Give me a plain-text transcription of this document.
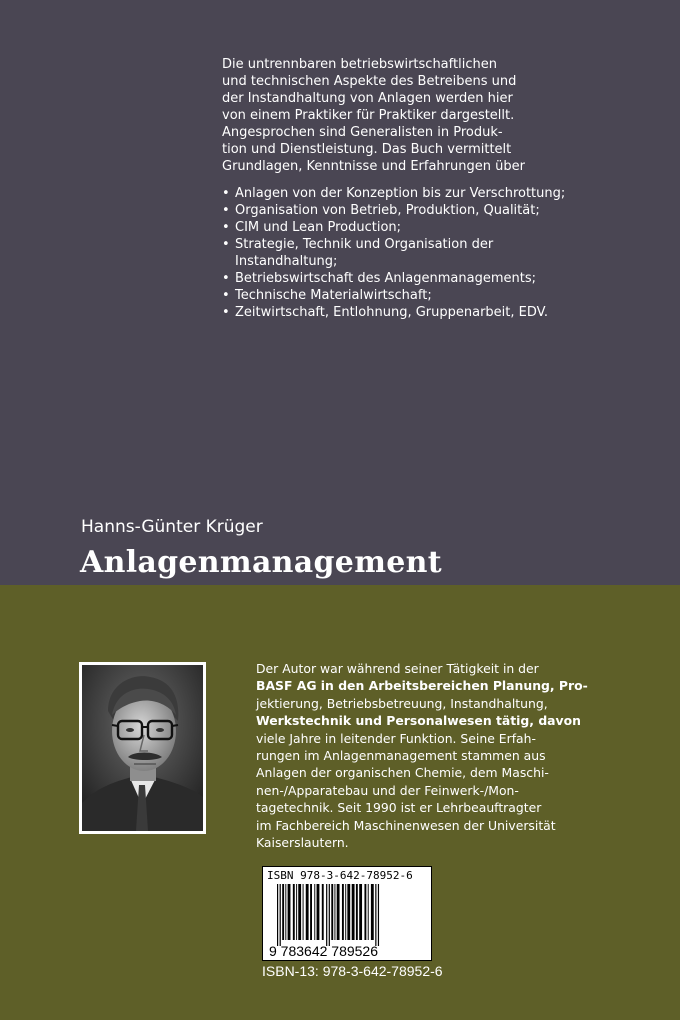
Die untrennbaren betriebswirtschaftlichen
und technischen Aspekte des Betreibens und
der Instandhaltung von Anlagen werden hier
von einem Praktiker für Praktiker dargestellt.
Angesprochen sind Generalisten in Produk-
tion und Dienstleistung. Das Buch vermittelt
Grundlagen, Kenntnisse und Erfahrungen über

• Anlagen von der Konzeption bis zur Verschrottung;
• Organisation von Betrieb, Produktion, Qualität;
• CIM und Lean Production;
• Strategie, Technik und Organisation der
Instandhaltung;
• Betriebswirtschaft des Anlagenmanagements;
• Technische Materialwirtschaft;
• Zeitwirtschaft, Entlohnung, Gruppenarbeit, EDV.
Hanns-Günter Krüger
Anlagenmanagement
Der Autor war während seiner Tätigkeit in der
BASF AG in den Arbeitsbereichen Planung, Pro-
jektierung, Betriebsbetreuung, Instandhaltung,
Werkstechnik und Personalwesen tätig, davon
viele Jahre in leitender Funktion. Seine Erfah-
rungen im Anlagenmanagement stammen aus
Anlagen der organischen Chemie, dem Maschi-
nen-/Apparatebau und der Feinwerk-/Mon-
tagetechnik. Seit 1990 ist er Lehrbeauftragter
im Fachbereich Maschinenwesen der Universität
Kaiserslautern.
ISBN 978-3-642-78952-6
9 783642 789526
ISBN-13: 978-3-642-78952-6
